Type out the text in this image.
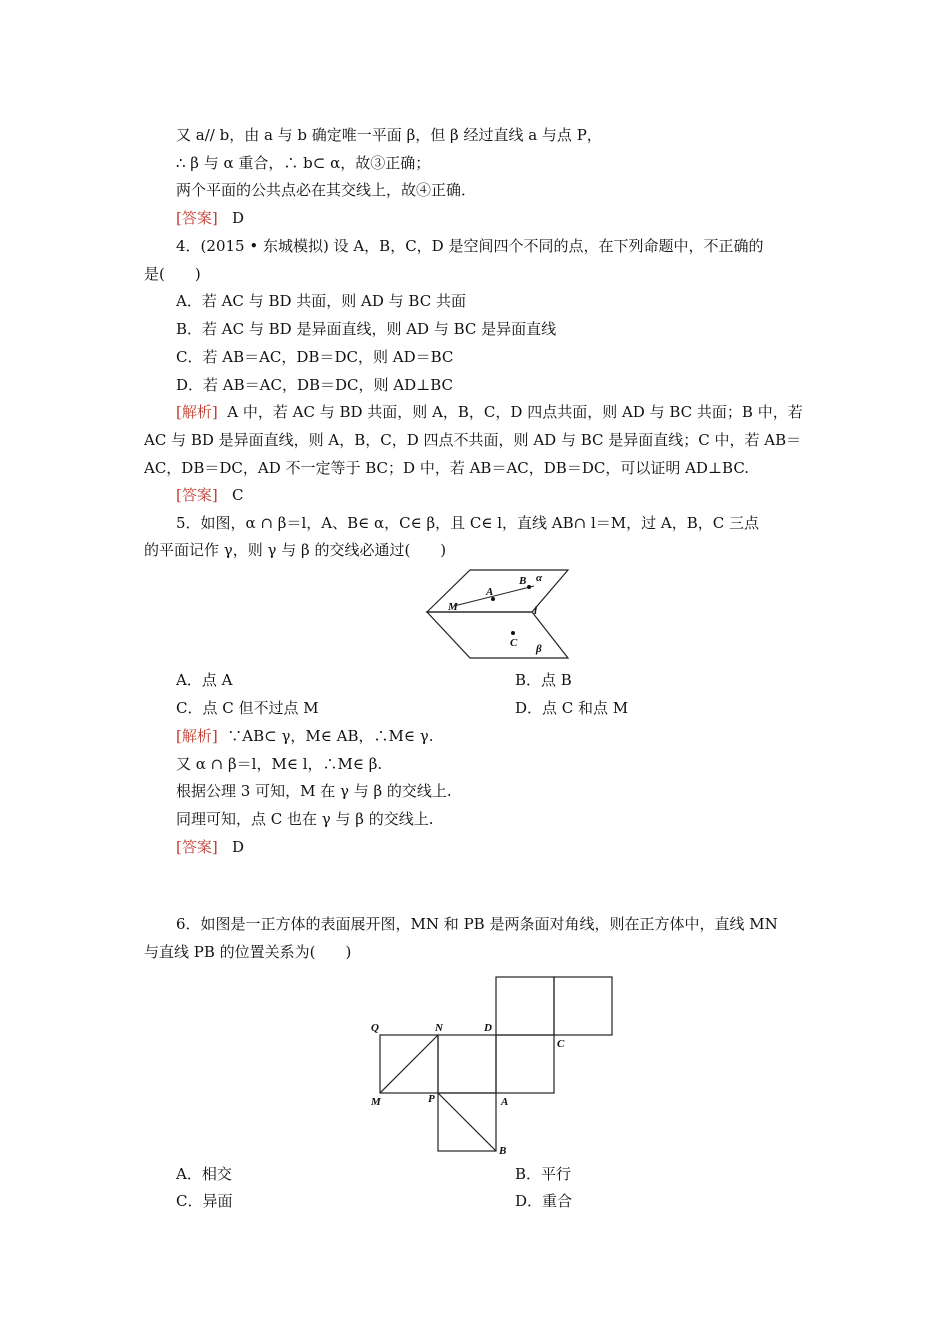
又 a// b，由 a 与 b 确定唯一平面 β，但 β 经过直线 a 与点 P，
∴ β 与 α 重合，∴ b⊂ α，故③正确；
两个平面的公共点必在其交线上，故④正确．
[答案] D
4．(2015 • 东城模拟) 设 A，B，C，D 是空间四个不同的点，在下列命题中，不正确的
是(　　)
A．若 AC 与 BD 共面，则 AD 与 BC 共面
B．若 AC 与 BD 是异面直线，则 AD 与 BC 是异面直线
C．若 AB＝AC，DB＝DC，则 AD＝BC
D．若 AB＝AC，DB＝DC，则 AD⊥BC
[解析] A 中，若 AC 与 BD 共面，则 A，B，C，D 四点共面，则 AD 与 BC 共面；B 中，若
AC 与 BD 是异面直线，则 A，B，C，D 四点不共面，则 AD 与 BC 是异面直线；C 中，若 AB＝
AC，DB＝DC，AD 不一定等于 BC；D 中，若 AB＝AC，DB＝DC，可以证明 AD⊥BC.
[答案] C
5．如图，α ∩ β＝l，A、B∈ α，C∈ β，且 C∈ l，直线 AB∩ l＝M，过 A，B，C 三点
的平面记作 γ，则 γ 与 β 的交线必通过(　　)
A
B α
M	l
C β
A．点 A	B．点 B
C．点 C 但不过点 M	D．点 C 和点 M
[解析] ∵AB⊂ γ，M∈ AB，∴M∈ γ.
又 α ∩ β＝l，M∈ l，∴M∈ β.
根据公理 3 可知，M 在 γ 与 β 的交线上.
同理可知，点 C 也在 γ 与 β 的交线上.
[答案] D
6．如图是一正方体的表面展开图，MN 和 PB 是两条面对角线，则在正方体中，直线 MN
与直线 PB 的位置关系为(　　)
Q	N	D
C
M	P	A
B
A．相交	B．平行
C．异面	D．重合
